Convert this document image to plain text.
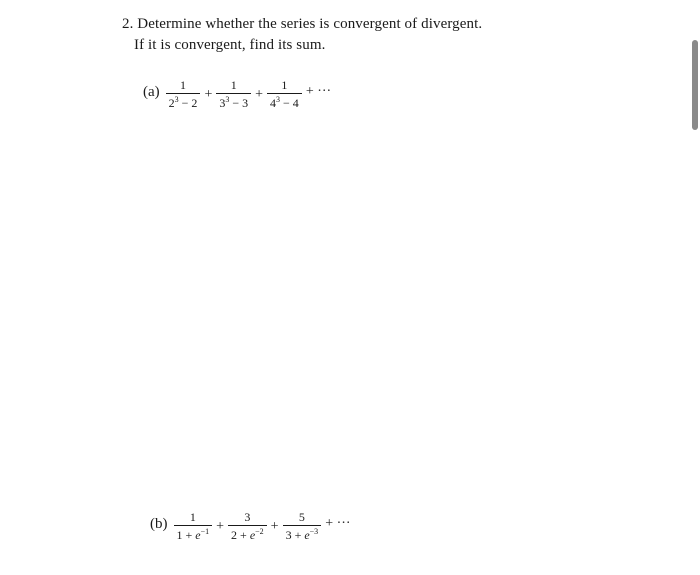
2. Determine whether the series is convergent of divergent.
If it is convergent, find its sum.
$(a) \frac{1}{2^3 - 2} + \frac{1}{3^3 - 3} + \frac{1}{4^3 - 4}$ + ···
$(b) \frac{1}{1 + e^{-1}} + \frac{3}{2 + e^{-2}} + \frac{5}{3 + e^{-3}}$ + ···
